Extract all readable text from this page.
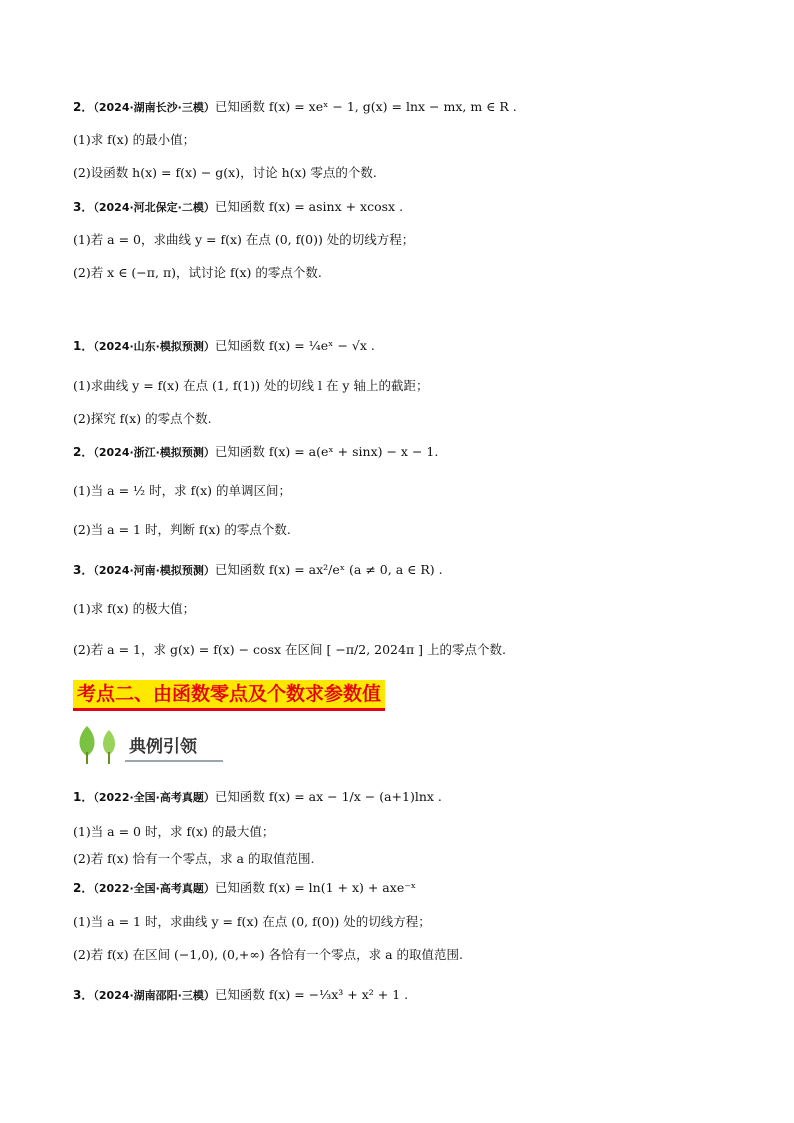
2．（2024·湖南长沙·三模）已知函数 f(x) = xeˣ − 1, g(x) = lnx − mx, m ∈ R .
(1)求 f(x) 的最小值；
(2)设函数 h(x) = f(x) − g(x)，讨论 h(x) 零点的个数.
3．（2024·河北保定·二模）已知函数 f(x) = asinx + xcosx .
(1)若 a = 0，求曲线 y = f(x) 在点 (0, f(0)) 处的切线方程；
(2)若 x ∈ (−π, π)，试讨论 f(x) 的零点个数.
1．（2024·山东·模拟预测）已知函数 f(x) = ¼eˣ − √x .
(1)求曲线 y = f(x) 在点 (1, f(1)) 处的切线 l 在 y 轴上的截距；
(2)探究 f(x) 的零点个数.
2．（2024·浙江·模拟预测）已知函数 f(x) = a(eˣ + sinx) − x − 1.
(1)当 a = ½ 时，求 f(x) 的单调区间；
(2)当 a = 1 时，判断 f(x) 的零点个数.
3．（2024·河南·模拟预测）已知函数 f(x) = ax²/eˣ (a ≠ 0, a ∈ R) .
(1)求 f(x) 的极大值；
(2)若 a = 1，求 g(x) = f(x) − cosx 在区间 [ −π/2, 2024π ] 上的零点个数.
1．（2022·全国·高考真题）已知函数 f(x) = ax − 1/x − (a+1)lnx .
(1)当 a = 0 时，求 f(x) 的最大值；
(2)若 f(x) 恰有一个零点，求 a 的取值范围.
2．（2022·全国·高考真题）已知函数 f(x) = ln(1 + x) + axe⁻ˣ
(1)当 a = 1 时，求曲线 y = f(x) 在点 (0, f(0)) 处的切线方程；
(2)若 f(x) 在区间 (−1,0), (0,+∞) 各恰有一个零点，求 a 的取值范围.
3．（2024·湖南邵阳·三模）已知函数 f(x) = −⅓x³ + x² + 1 .
考点二、由函数零点及个数求参数值
典例引领
